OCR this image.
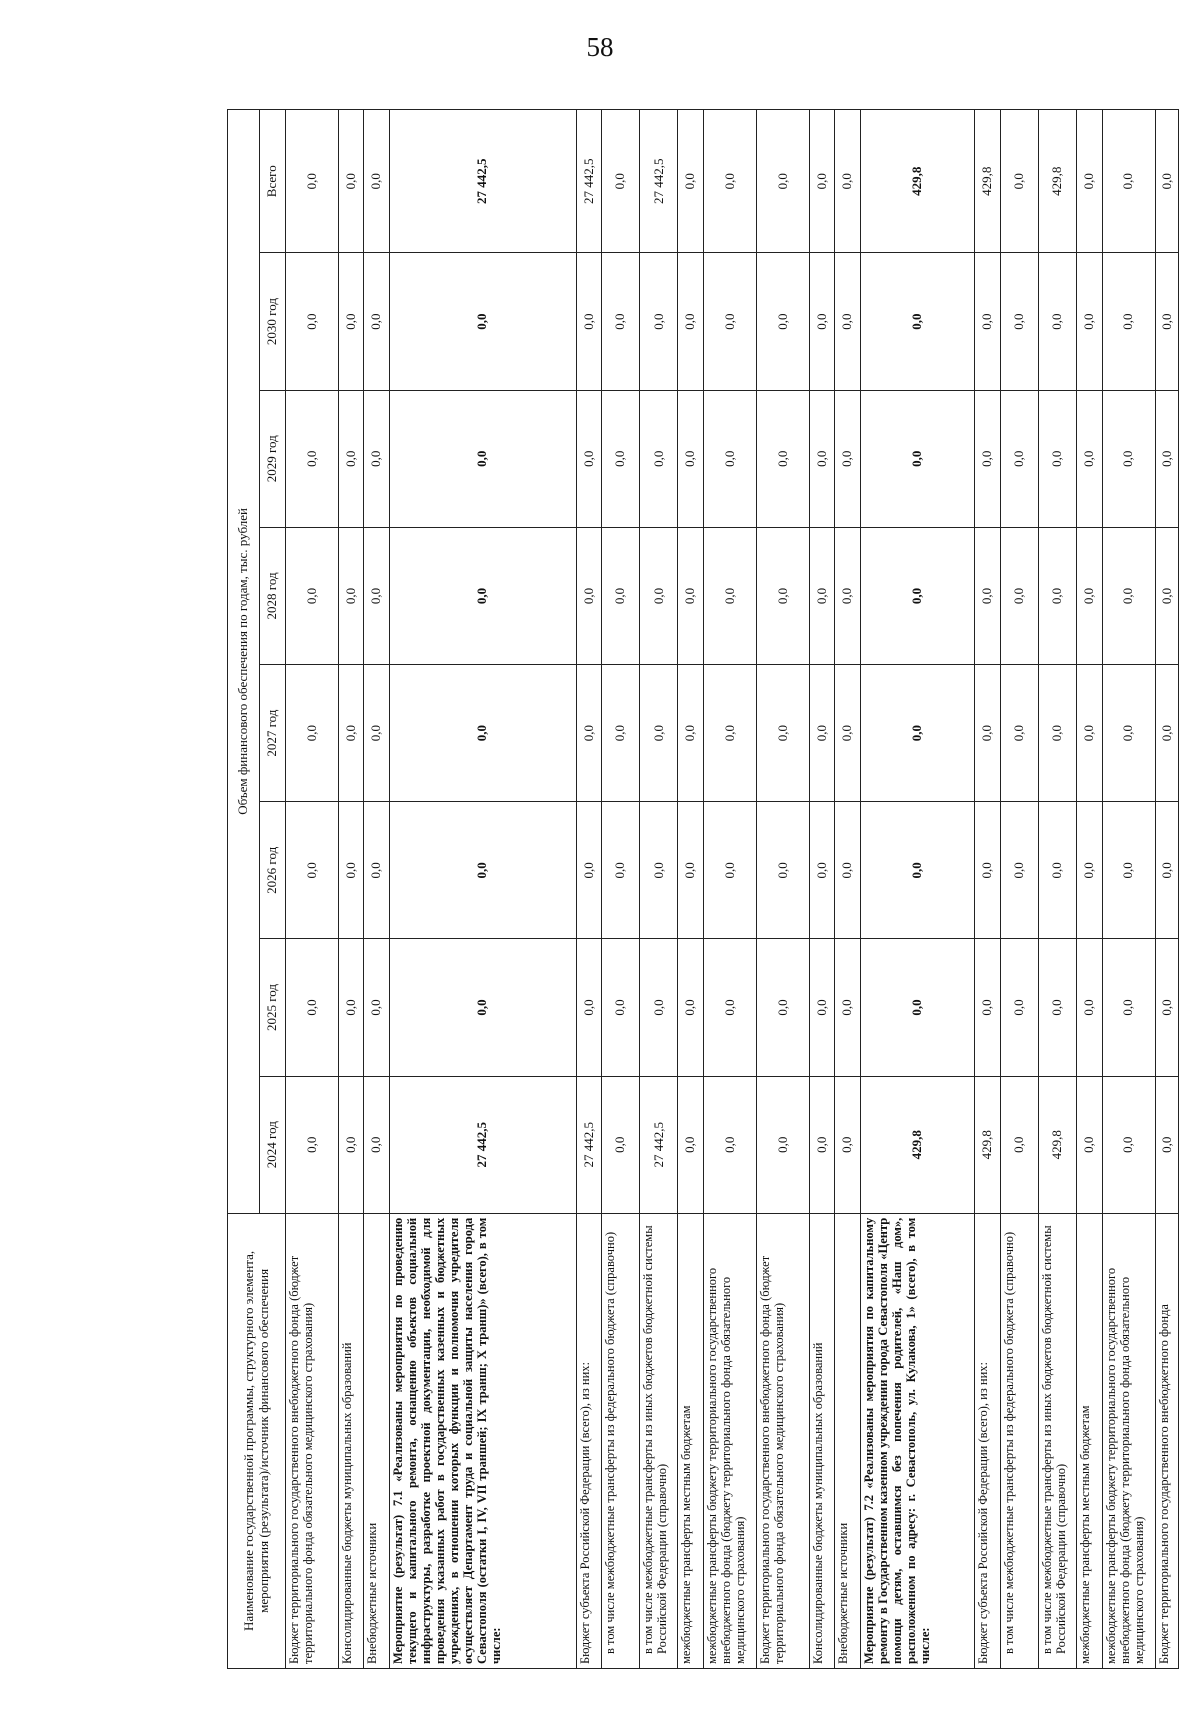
58
Наименование государственной программы, структурного элемента, мероприятия (результата)/источник финансового обеспечения	Объем финансового обеспечения по годам, тыс. рублей							
	2024 год	2025 год	2026 год	2027 год	2028 год	2029 год	2030 год	Всего
Бюджет территориального государственного внебюджетного фонда (бюджет территориального фонда обязательного медицинского страхования)	0,0	0,0	0,0	0,0	0,0	0,0	0,0	0,0
Консолидированные бюджеты муниципальных образований	0,0	0,0	0,0	0,0	0,0	0,0	0,0	0,0
Внебюджетные источники	0,0	0,0	0,0	0,0	0,0	0,0	0,0	0,0
Мероприятие (результат) 7.1 «Реализованы мероприятия по проведению текущего и капитального ремонта, оснащению объектов социальной инфраструктуры, разработке проектной документации, необходимой для проведения указанных работ в государственных казенных и бюджетных учреждениях, в отношении которых функции и полномочия учредителя осуществляет Департамент труда и социальной защиты населения города Севастополя (остатки I, IV, VII траншей; IX транш; X транш)» (всего), в том числе:	27 442,5	0,0	0,0	0,0	0,0	0,0	0,0	27 442,5
Бюджет субъекта Российской Федерации (всего), из них:	27 442,5	0,0	0,0	0,0	0,0	0,0	0,0	27 442,5
в том числе межбюджетные трансферты из федерального бюджета (справочно)	0,0	0,0	0,0	0,0	0,0	0,0	0,0	0,0
в том числе межбюджетные трансферты из иных бюджетов бюджетной системы Российской Федерации (справочно)	27 442,5	0,0	0,0	0,0	0,0	0,0	0,0	27 442,5
межбюджетные трансферты местным бюджетам	0,0	0,0	0,0	0,0	0,0	0,0	0,0	0,0
межбюджетные трансферты бюджету территориального государственного внебюджетного фонда (бюджету территориального фонда обязательного медицинского страхования)	0,0	0,0	0,0	0,0	0,0	0,0	0,0	0,0
Бюджет территориального государственного внебюджетного фонда (бюджет территориального фонда обязательного медицинского страхования)	0,0	0,0	0,0	0,0	0,0	0,0	0,0	0,0
Консолидированные бюджеты муниципальных образований	0,0	0,0	0,0	0,0	0,0	0,0	0,0	0,0
Внебюджетные источники	0,0	0,0	0,0	0,0	0,0	0,0	0,0	0,0
Мероприятие (результат) 7.2 «Реализованы мероприятия по капитальному ремонту в Государственном казенном учреждении города Севастополя «Центр помощи детям, оставшимся без попечения родителей, «Наш дом», расположенном по адресу: г. Севастополь, ул. Кулакова, 1» (всего), в том числе:	429,8	0,0	0,0	0,0	0,0	0,0	0,0	429,8
Бюджет субъекта Российской Федерации (всего), из них:	429,8	0,0	0,0	0,0	0,0	0,0	0,0	429,8
в том числе межбюджетные трансферты из федерального бюджета (справочно)	0,0	0,0	0,0	0,0	0,0	0,0	0,0	0,0
в том числе межбюджетные трансферты из иных бюджетов бюджетной системы Российской Федерации (справочно)	429,8	0,0	0,0	0,0	0,0	0,0	0,0	429,8
межбюджетные трансферты местным бюджетам	0,0	0,0	0,0	0,0	0,0	0,0	0,0	0,0
межбюджетные трансферты бюджету территориального государственного внебюджетного фонда (бюджету территориального фонда обязательного медицинского страхования)	0,0	0,0	0,0	0,0	0,0	0,0	0,0	0,0
Бюджет территориального государственного внебюджетного фонда	0,0	0,0	0,0	0,0	0,0	0,0	0,0	0,0
